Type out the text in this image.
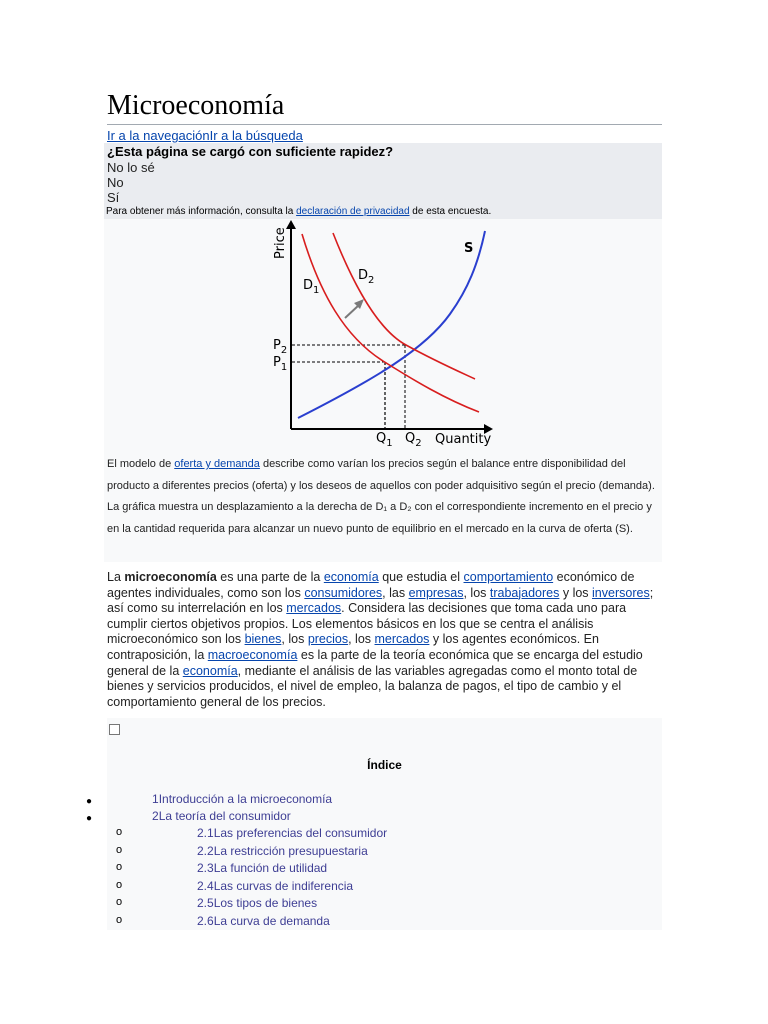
Microeconomía
Ir a la navegaciónIr a la búsqueda
¿Esta página se cargó con suficiente rapidez?
No lo sé
No
Sí
Para obtener más información, consulta la declaración de privacidad de esta encuesta.
Price
Quantity
S
$D_1$
$D_2$
$P_2$
$P_1$
$Q_1$ $Q_2$
El modelo de oferta y demanda describe como varían los precios según el balance entre disponibilidad del producto a diferentes precios (oferta) y los deseos de aquellos con poder adquisitivo según el precio (demanda). La gráfica muestra un desplazamiento a la derecha de D₁ a D₂ con el correspondiente incremento en el precio y en la cantidad requerida para alcanzar un nuevo punto de equilibrio en el mercado en la curva de oferta (S).
La microeconomía es una parte de la economía que estudia el comportamiento económico de agentes individuales, como son los consumidores, las empresas, los trabajadores y los inversores; así como su interrelación en los mercados. Considera las decisiones que toma cada uno para cumplir ciertos objetivos propios. Los elementos básicos en los que se centra el análisis microeconómico son los bienes, los precios, los mercados y los agentes económicos. En contraposición, la macroeconomía es la parte de la teoría económica que se encarga del estudio general de la economía, mediante el análisis de las variables agregadas como el monto total de bienes y servicios producidos, el nivel de empleo, la balanza de pagos, el tipo de cambio y el comportamiento general de los precios.
Índice
●	1Introducción a la microeconomía
●	2La teoría del consumidor
o	2.1Las preferencias del consumidor
o	2.2La restricción presupuestaria
o	2.3La función de utilidad
o	2.4Las curvas de indiferencia
o	2.5Los tipos de bienes
o	2.6La curva de demanda
